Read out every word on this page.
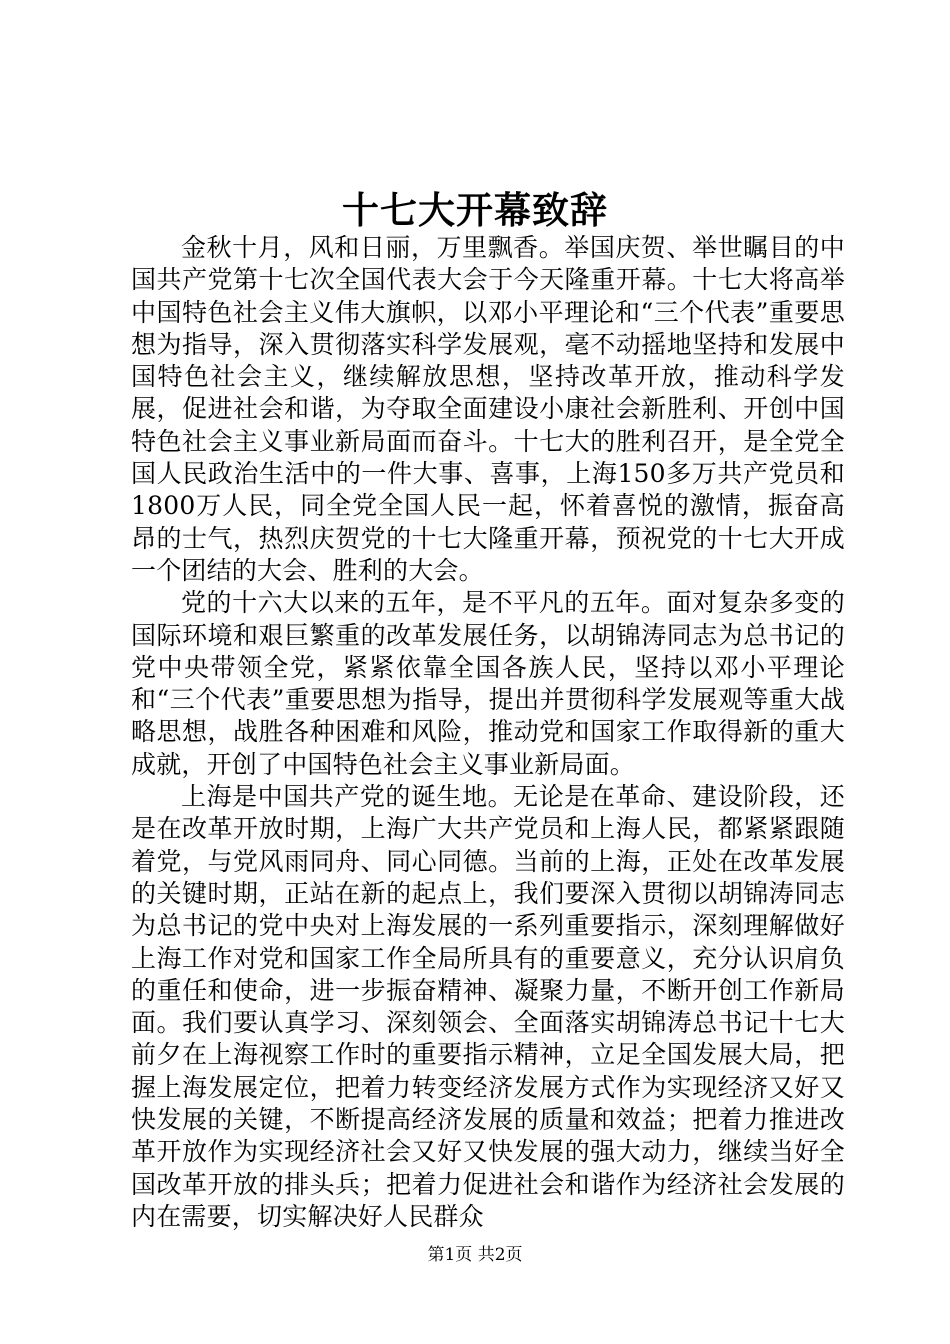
十七大开幕致辞

金秋十月，风和日丽，万里飘香。举国庆贺、举世瞩目的中国共产党第十七次全国代表大会于今天隆重开幕。十七大将高举中国特色社会主义伟大旗帜，以邓小平理论和“三个代表”重要思想为指导，深入贯彻落实科学发展观，毫不动摇地坚持和发展中国特色社会主义，继续解放思想，坚持改革开放，推动科学发展，促进社会和谐，为夺取全面建设小康社会新胜利、开创中国特色社会主义事业新局面而奋斗。十七大的胜利召开，是全党全国人民政治生活中的一件大事、喜事，上海150多万共产党员和1800万人民，同全党全国人民一起，怀着喜悦的激情，振奋高昂的士气，热烈庆贺党的十七大隆重开幕，预祝党的十七大开成一个团结的大会、胜利的大会。

党的十六大以来的五年，是不平凡的五年。面对复杂多变的国际环境和艰巨繁重的改革发展任务，以胡锦涛同志为总书记的党中央带领全党，紧紧依靠全国各族人民，坚持以邓小平理论和“三个代表”重要思想为指导，提出并贯彻科学发展观等重大战略思想，战胜各种困难和风险，推动党和国家工作取得新的重大成就，开创了中国特色社会主义事业新局面。

上海是中国共产党的诞生地。无论是在革命、建设阶段，还是在改革开放时期，上海广大共产党员和上海人民，都紧紧跟随着党，与党风雨同舟、同心同德。当前的上海，正处在改革发展的关键时期，正站在新的起点上，我们要深入贯彻以胡锦涛同志为总书记的党中央对上海发展的一系列重要指示，深刻理解做好上海工作对党和国家工作全局所具有的重要意义，充分认识肩负的重任和使命，进一步振奋精神、凝聚力量，不断开创工作新局面。我们要认真学习、深刻领会、全面落实胡锦涛总书记十七大前夕在上海视察工作时的重要指示精神，立足全国发展大局，把握上海发展定位，把着力转变经济发展方式作为实现经济又好又快发展的关键，不断提高经济发展的质量和效益；把着力推进改革开放作为实现经济社会又好又快发展的强大动力，继续当好全国改革开放的排头兵；把着力促进社会和谐作为经济社会发展的内在需要，切实解决好人民群众

第1页 共2页
